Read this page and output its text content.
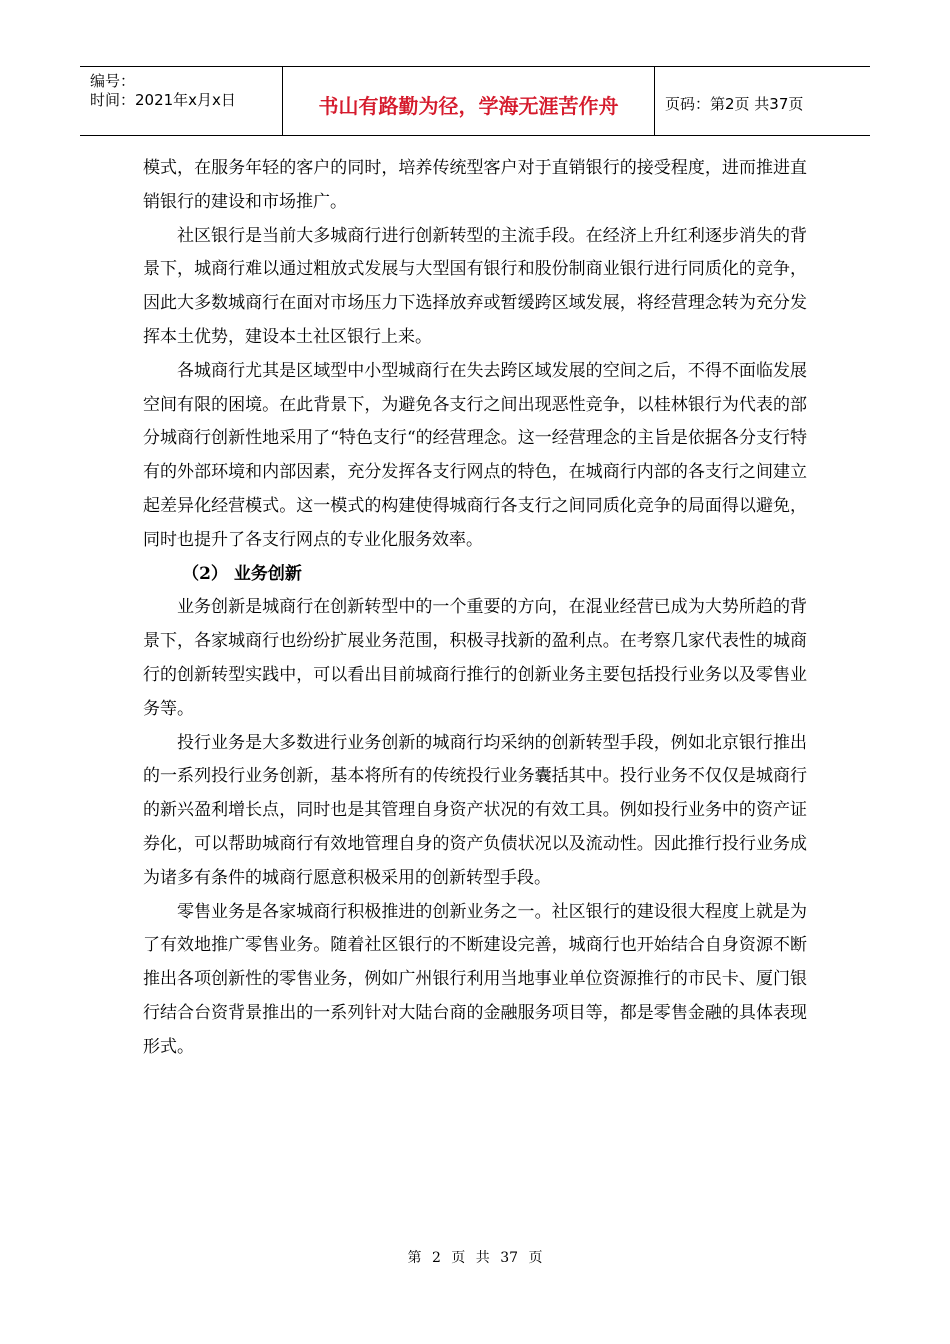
编号：
时间：2021年x月x日	书山有路勤为径，学海无涯苦作舟	页码：第2页 共37页

模式，在服务年轻的客户的同时，培养传统型客户对于直销银行的接受程度，进而推进直销银行的建设和市场推广。

社区银行是当前大多城商行进行创新转型的主流手段。在经济上升红利逐步消失的背景下，城商行难以通过粗放式发展与大型国有银行和股份制商业银行进行同质化的竞争，因此大多数城商行在面对市场压力下选择放弃或暂缓跨区域发展，将经营理念转为充分发挥本土优势，建设本土社区银行上来。

各城商行尤其是区域型中小型城商行在失去跨区域发展的空间之后，不得不面临发展空间有限的困境。在此背景下，为避免各支行之间出现恶性竞争，以桂林银行为代表的部分城商行创新性地采用了“特色支行“的经营理念。这一经营理念的主旨是依据各分支行特有的外部环境和内部因素，充分发挥各支行网点的特色，在城商行内部的各支行之间建立起差异化经营模式。这一模式的构建使得城商行各支行之间同质化竞争的局面得以避免，同时也提升了各支行网点的专业化服务效率。

（2） 业务创新

业务创新是城商行在创新转型中的一个重要的方向，在混业经营已成为大势所趋的背景下，各家城商行也纷纷扩展业务范围，积极寻找新的盈利点。在考察几家代表性的城商行的创新转型实践中，可以看出目前城商行推行的创新业务主要包括投行业务以及零售业务等。

投行业务是大多数进行业务创新的城商行均采纳的创新转型手段，例如北京银行推出的一系列投行业务创新，基本将所有的传统投行业务囊括其中。投行业务不仅仅是城商行的新兴盈利增长点，同时也是其管理自身资产状况的有效工具。例如投行业务中的资产证券化，可以帮助城商行有效地管理自身的资产负债状况以及流动性。因此推行投行业务成为诸多有条件的城商行愿意积极采用的创新转型手段。

零售业务是各家城商行积极推进的创新业务之一。社区银行的建设很大程度上就是为了有效地推广零售业务。随着社区银行的不断建设完善，城商行也开始结合自身资源不断推出各项创新性的零售业务，例如广州银行利用当地事业单位资源推行的市民卡、厦门银行结合台资背景推出的一系列针对大陆台商的金融服务项目等，都是零售金融的具体表现形式。

第 2 页 共 37 页
